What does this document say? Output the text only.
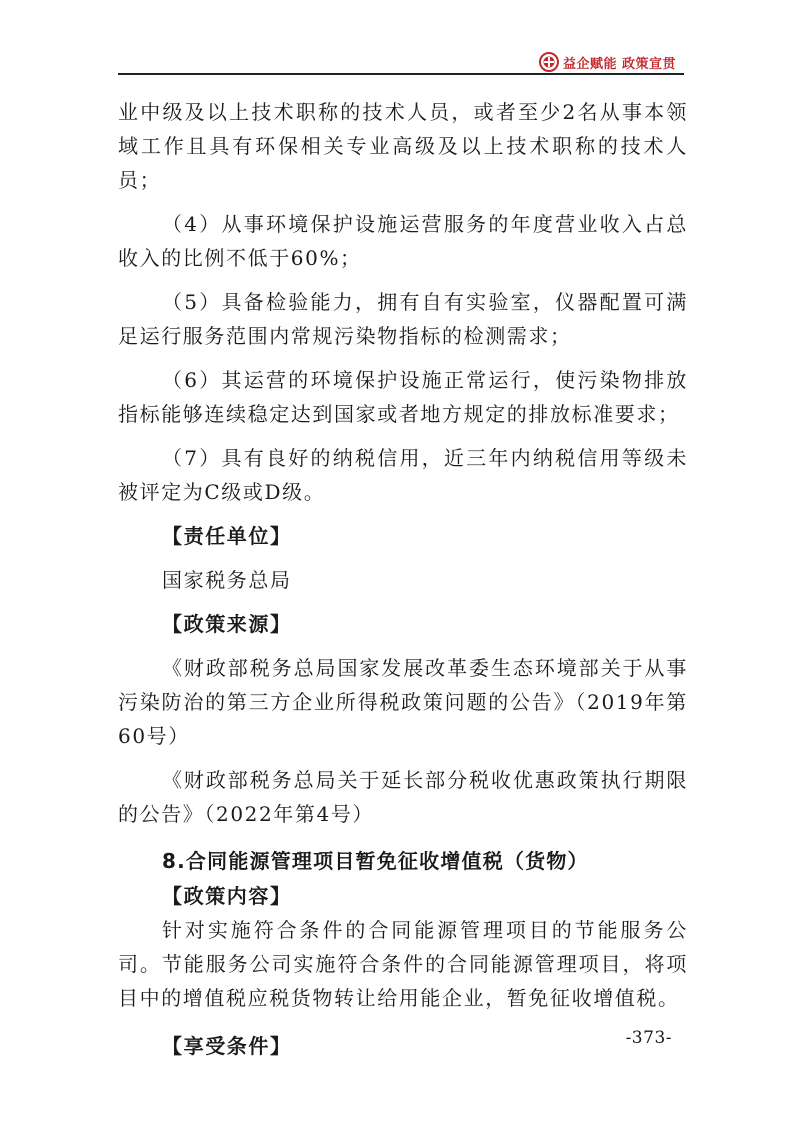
益企赋能 政策宣贯

业中级及以上技术职称的技术人员，或者至少2名从事本领域工作且具有环保相关专业高级及以上技术职称的技术人员；

（4）从事环境保护设施运营服务的年度营业收入占总收入的比例不低于60%；

（5）具备检验能力，拥有自有实验室，仪器配置可满足运行服务范围内常规污染物指标的检测需求；

（6）其运营的环境保护设施正常运行，使污染物排放指标能够连续稳定达到国家或者地方规定的排放标准要求；

（7）具有良好的纳税信用，近三年内纳税信用等级未被评定为C级或D级。

【责任单位】

国家税务总局

【政策来源】

《财政部税务总局国家发展改革委生态环境部关于从事污染防治的第三方企业所得税政策问题的公告》（2019年第60号）

《财政部税务总局关于延长部分税收优惠政策执行期限的公告》（2022年第4号）

8.合同能源管理项目暂免征收增值税（货物）

【政策内容】

针对实施符合条件的合同能源管理项目的节能服务公司。节能服务公司实施符合条件的合同能源管理项目，将项目中的增值税应税货物转让给用能企业，暂免征收增值税。

【享受条件】	-373-
